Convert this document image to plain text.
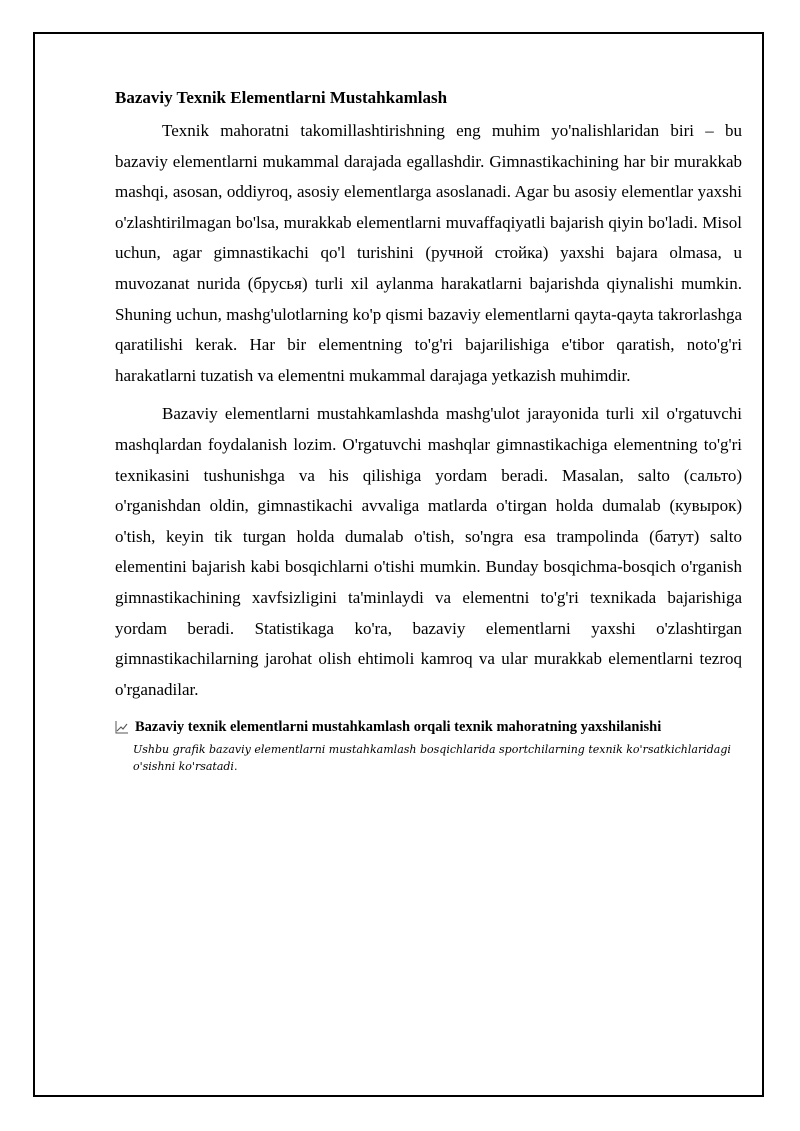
Bazaviy Texnik Elementlarni Mustahkamlash

Texnik mahoratni takomillashtirishning eng muhim yo'nalishlaridan biri – bu bazaviy elementlarni mukammal darajada egallashdir. Gimnastikachining har bir murakkab mashqi, asosan, oddiyroq, asosiy elementlarga asoslanadi. Agar bu asosiy elementlar yaxshi o'zlashtirilmagan bo'lsa, murakkab elementlarni muvaffaqiyatli bajarish qiyin bo'ladi. Misol uchun, agar gimnastikachi qo'l turishini (ручной стойка) yaxshi bajara olmasa, u muvozanat nurida (брусья) turli xil aylanma harakatlarni bajarishda qiynalishi mumkin. Shuning uchun, mashg'ulotlarning ko'p qismi bazaviy elementlarni qayta-qayta takrorlashga qaratilishi kerak. Har bir elementning to'g'ri bajarilishiga e'tibor qaratish, noto'g'ri harakatlarni tuzatish va elementni mukammal darajaga yetkazish muhimdir.

Bazaviy elementlarni mustahkamlashda mashg'ulot jarayonida turli xil o'rgatuvchi mashqlardan foydalanish lozim. O'rgatuvchi mashqlar gimnastikachiga elementning to'g'ri texnikasini tushunishga va his qilishiga yordam beradi. Masalan, salto (сальто) o'rganishdan oldin, gimnastikachi avvaliga matlarda o'tirgan holda dumalab (кувырок) o'tish, keyin tik turgan holda dumalab o'tish, so'ngra esa trampolinda (батут) salto elementini bajarish kabi bosqichlarni o'tishi mumkin. Bunday bosqichma-bosqich o'rganish gimnastikachining xavfsizligini ta'minlaydi va elementni to'g'ri texnikada bajarishiga yordam beradi. Statistikaga ko'ra, bazaviy elementlarni yaxshi o'zlashtirgan gimnastikachilarning jarohat olish ehtimoli kamroq va ular murakkab elementlarni tezroq o'rganadilar.

Bazaviy texnik elementlarni mustahkamlash orqali texnik mahoratning yaxshilanishi
Ushbu grafik bazaviy elementlarni mustahkamlash bosqichlarida sportchilarning texnik ko'rsatkichlaridagi o'sishni ko'rsatadi.
